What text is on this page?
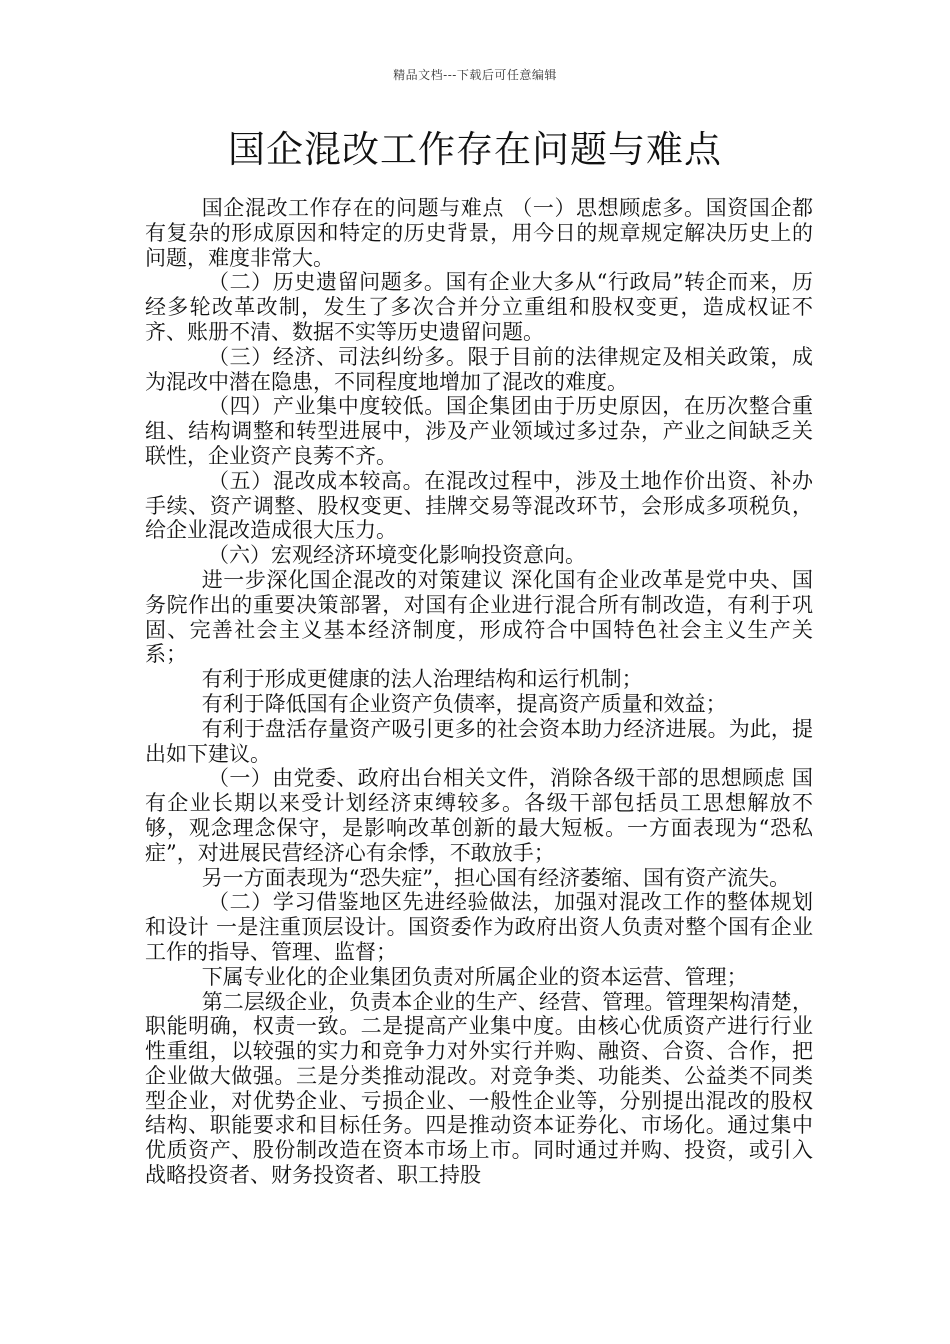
精品文档---下载后可任意编辑
国企混改工作存在问题与难点

国企混改工作存在的问题与难点 （一）思想顾虑多。国资国企都有复杂的形成原因和特定的历史背景，用今日的规章规定解决历史上的问题，难度非常大。

（二）历史遗留问题多。国有企业大多从“行政局”转企而来，历经多轮改革改制，发生了多次合并分立重组和股权变更，造成权证不齐、账册不清、数据不实等历史遗留问题。

（三）经济、司法纠纷多。限于目前的法律规定及相关政策，成为混改中潜在隐患，不同程度地增加了混改的难度。

（四）产业集中度较低。国企集团由于历史原因，在历次整合重组、结构调整和转型进展中，涉及产业领域过多过杂，产业之间缺乏关联性，企业资产良莠不齐。

（五）混改成本较高。在混改过程中，涉及土地作价出资、补办手续、资产调整、股权变更、挂牌交易等混改环节，会形成多项税负，给企业混改造成很大压力。

（六）宏观经济环境变化影响投资意向。

进一步深化国企混改的对策建议 深化国有企业改革是党中央、国务院作出的重要决策部署，对国有企业进行混合所有制改造，有利于巩固、完善社会主义基本经济制度，形成符合中国特色社会主义生产关系；

有利于形成更健康的法人治理结构和运行机制；

有利于降低国有企业资产负债率，提高资产质量和效益；

有利于盘活存量资产吸引更多的社会资本助力经济进展。为此，提出如下建议。

（一）由党委、政府出台相关文件，消除各级干部的思想顾虑 国有企业长期以来受计划经济束缚较多。各级干部包括员工思想解放不够，观念理念保守，是影响改革创新的最大短板。一方面表现为“恐私症”，对进展民营经济心有余悸，不敢放手；

另一方面表现为“恐失症”，担心国有经济萎缩、国有资产流失。

（二）学习借鉴地区先进经验做法，加强对混改工作的整体规划和设计 一是注重顶层设计。国资委作为政府出资人负责对整个国有企业工作的指导、管理、监督；

下属专业化的企业集团负责对所属企业的资本运营、管理；

第二层级企业，负责本企业的生产、经营、管理。管理架构清楚，职能明确，权责一致。二是提高产业集中度。由核心优质资产进行行业性重组，以较强的实力和竞争力对外实行并购、融资、合资、合作，把企业做大做强。三是分类推动混改。对竞争类、功能类、公益类不同类型企业，对优势企业、亏损企业、一般性企业等，分别提出混改的股权结构、职能要求和目标任务。四是推动资本证券化、市场化。通过集中优质资产、股份制改造在资本市场上市。同时通过并购、投资，或引入战略投资者、财务投资者、职工持股
